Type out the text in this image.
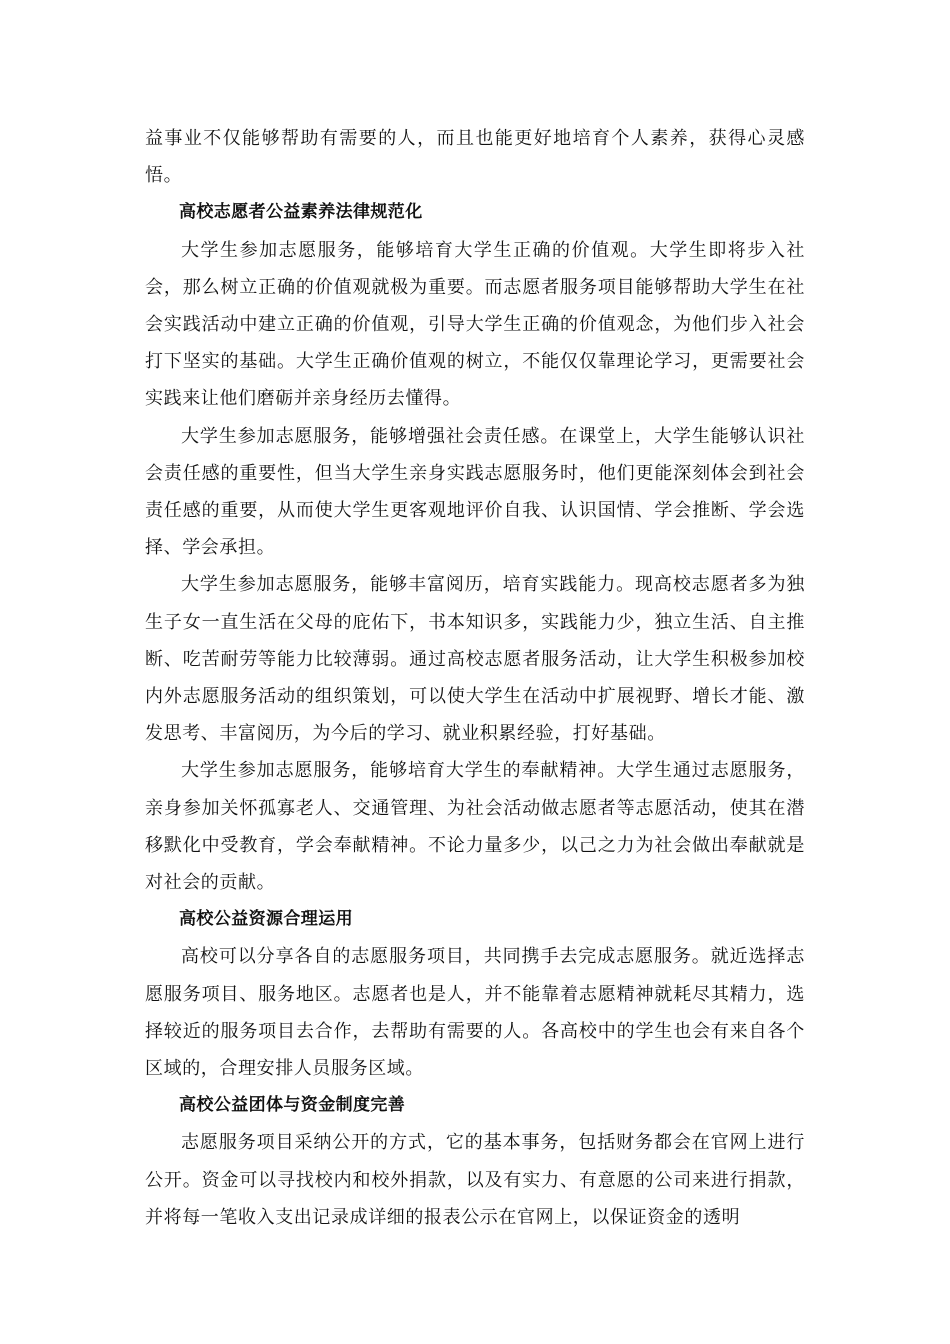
益事业不仅能够帮助有需要的人，而且也能更好地培育个人素养，获得心灵感悟。

高校志愿者公益素养法律规范化

大学生参加志愿服务，能够培育大学生正确的价值观。大学生即将步入社会，那么树立正确的价值观就极为重要。而志愿者服务项目能够帮助大学生在社会实践活动中建立正确的价值观，引导大学生正确的价值观念，为他们步入社会打下坚实的基础。大学生正确价值观的树立，不能仅仅靠理论学习，更需要社会实践来让他们磨砺并亲身经历去懂得。

大学生参加志愿服务，能够增强社会责任感。在课堂上，大学生能够认识社会责任感的重要性，但当大学生亲身实践志愿服务时，他们更能深刻体会到社会责任感的重要，从而使大学生更客观地评价自我、认识国情、学会推断、学会选择、学会承担。

大学生参加志愿服务，能够丰富阅历，培育实践能力。现高校志愿者多为独生子女一直生活在父母的庇佑下，书本知识多，实践能力少，独立生活、自主推断、吃苦耐劳等能力比较薄弱。通过高校志愿者服务活动，让大学生积极参加校内外志愿服务活动的组织策划，可以使大学生在活动中扩展视野、增长才能、激发思考、丰富阅历，为今后的学习、就业积累经验，打好基础。

大学生参加志愿服务，能够培育大学生的奉献精神。大学生通过志愿服务，亲身参加关怀孤寡老人、交通管理、为社会活动做志愿者等志愿活动，使其在潜移默化中受教育，学会奉献精神。不论力量多少，以己之力为社会做出奉献就是对社会的贡献。

高校公益资源合理运用

高校可以分享各自的志愿服务项目，共同携手去完成志愿服务。就近选择志愿服务项目、服务地区。志愿者也是人，并不能靠着志愿精神就耗尽其精力，选择较近的服务项目去合作，去帮助有需要的人。各高校中的学生也会有来自各个区域的，合理安排人员服务区域。

高校公益团体与资金制度完善

志愿服务项目采纳公开的方式，它的基本事务，包括财务都会在官网上进行公开。资金可以寻找校内和校外捐款，以及有实力、有意愿的公司来进行捐款，并将每一笔收入支出记录成详细的报表公示在官网上，以保证资金的透明
